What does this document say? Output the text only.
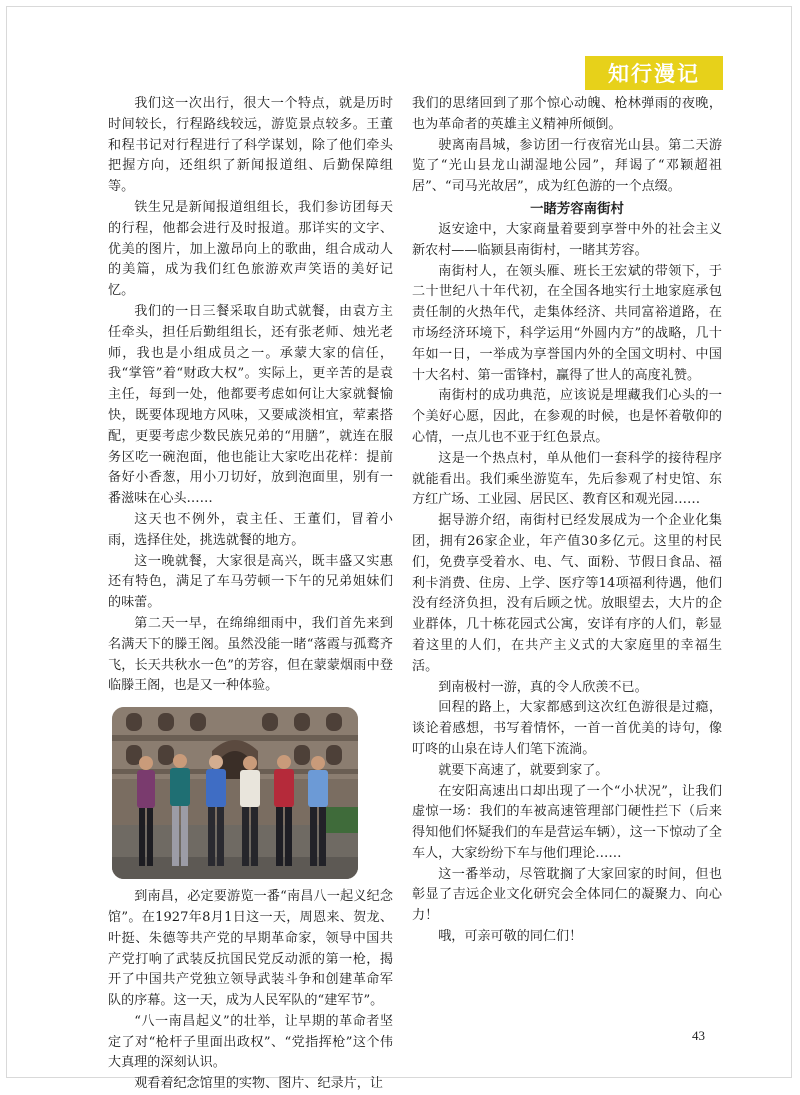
知行漫记

我们这一次出行，很大一个特点，就是历时时间较长，行程路线较远，游览景点较多。王董和程书记对行程进行了科学谋划，除了他们牵头把握方向，还组织了新闻报道组、后勤保障组等。

铁生兄是新闻报道组组长，我们参访团每天的行程，他都会进行及时报道。那详实的文字、优美的图片，加上激昂向上的歌曲，组合成动人的美篇，成为我们红色旅游欢声笑语的美好记忆。

我们的一日三餐采取自助式就餐，由袁方主任牵头，担任后勤组组长，还有张老师、烛光老师，我也是小组成员之一。承蒙大家的信任，我“掌管”着“财政大权”。实际上，更辛苦的是袁主任，每到一处，他都要考虑如何让大家就餐愉快，既要体现地方风味，又要咸淡相宜，荤素搭配，更要考虑少数民族兄弟的“用膳”，就连在服务区吃一碗泡面，他也能让大家吃出花样：提前备好小香葱，用小刀切好，放到泡面里，别有一番滋味在心头……

这天也不例外，袁主任、王董们，冒着小雨，选择住处，挑选就餐的地方。

这一晚就餐，大家很是高兴，既丰盛又实惠还有特色，满足了车马劳顿一下午的兄弟姐妹们的味蕾。

第二天一早，在绵绵细雨中，我们首先来到名满天下的滕王阁。虽然没能一睹“落霞与孤鹜齐飞，长天共秋水一色”的芳容，但在蒙蒙烟雨中登临滕王阁，也是又一种体验。

到南昌，必定要游览一番“南昌八一起义纪念馆”。在1927年8月1日这一天，周恩来、贺龙、叶挺、朱德等共产党的早期革命家，领导中国共产党打响了武装反抗国民党反动派的第一枪，揭开了中国共产党独立领导武装斗争和创建革命军队的序幕。这一天，成为人民军队的“建军节”。

“八一南昌起义”的壮举，让早期的革命者坚定了对“枪杆子里面出政权”、“党指挥枪”这个伟大真理的深刻认识。

观看着纪念馆里的实物、图片、纪录片，让

我们的思绪回到了那个惊心动魄、枪林弹雨的夜晚，也为革命者的英雄主义精神所倾倒。

驶离南昌城，参访团一行夜宿光山县。第二天游览了“光山县龙山湖湿地公园”，拜谒了“邓颖超祖居”、“司马光故居”，成为红色游的一个点缀。

一睹芳容南街村

返安途中，大家商量着要到享誉中外的社会主义新农村——临颍县南街村，一睹其芳容。

南街村人，在领头雁、班长王宏斌的带领下，于二十世纪八十年代初，在全国各地实行土地家庭承包责任制的火热年代，走集体经济、共同富裕道路，在市场经济环境下，科学运用“外圆内方”的战略，几十年如一日，一举成为享誉国内外的全国文明村、中国十大名村、第一雷锋村，赢得了世人的高度礼赞。

南街村的成功典范，应该说是埋藏我们心头的一个美好心愿，因此，在参观的时候，也是怀着敬仰的心情，一点儿也不亚于红色景点。

这是一个热点村，单从他们一套科学的接待程序就能看出。我们乘坐游览车，先后参观了村史馆、东方红广场、工业园、居民区、教育区和观光园……

据导游介绍，南街村已经发展成为一个企业化集团，拥有26家企业，年产值30多亿元。这里的村民们，免费享受着水、电、气、面粉、节假日食品、福利卡消费、住房、上学、医疗等14项福利待遇，他们没有经济负担，没有后顾之忧。放眼望去，大片的企业群体，几十栋花园式公寓，安详有序的人们，彰显着这里的人们，在共产主义式的大家庭里的幸福生活。

到南极村一游，真的令人欣羡不已。

回程的路上，大家都感到这次红色游很是过瘾，谈论着感想，书写着情怀，一首一首优美的诗句，像叮咚的山泉在诗人们笔下流淌。

就要下高速了，就要到家了。

在安阳高速出口却出现了一个“小状况”，让我们虚惊一场：我们的车被高速管理部门硬性拦下（后来得知他们怀疑我们的车是营运车辆），这一下惊动了全车人，大家纷纷下车与他们理论……

这一番举动，尽管耽搁了大家回家的时间，但也彰显了吉远企业文化研究会全体同仁的凝聚力、向心力！

哦，可亲可敬的同仁们！

43
